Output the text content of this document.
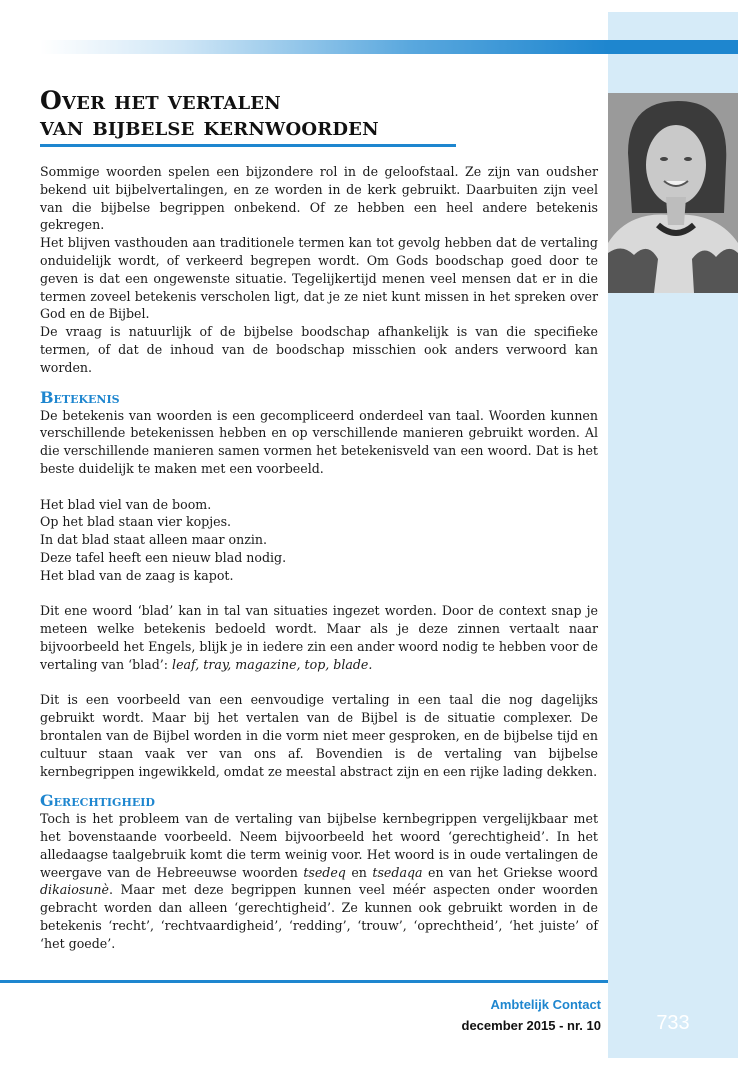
Over het vertalen
van bijbelse kernwoorden

Sommige woorden spelen een bijzondere rol in de geloofstaal. Ze zijn van oudsher bekend uit bijbelvertalingen, en ze worden in de kerk gebruikt. Daarbuiten zijn veel van die bijbelse begrippen onbekend. Of ze hebben een heel andere betekenis gekregen.

Het blijven vasthouden aan traditionele termen kan tot gevolg hebben dat de vertaling onduidelijk wordt, of verkeerd begrepen wordt. Om Gods boodschap goed door te geven is dat een ongewenste situatie. Tegelijkertijd menen veel mensen dat er in die termen zoveel betekenis verscholen ligt, dat je ze niet kunt missen in het spreken over God en de Bijbel.

De vraag is natuurlijk of de bijbelse boodschap afhankelijk is van die specifieke termen, of dat de inhoud van de boodschap misschien ook anders verwoord kan worden.

Betekenis

De betekenis van woorden is een gecompliceerd onderdeel van taal. Woorden kunnen verschillende betekenissen hebben en op verschillende manieren gebruikt worden. Al die verschillende manieren samen vormen het betekenisveld van een woord. Dat is het beste duidelijk te maken met een voorbeeld.

Het blad viel van de boom.

Op het blad staan vier kopjes.

In dat blad staat alleen maar onzin.

Deze tafel heeft een nieuw blad nodig.

Het blad van de zaag is kapot.

Dit ene woord ‘blad’ kan in tal van situaties ingezet worden. Door de context snap je meteen welke betekenis bedoeld wordt. Maar als je deze zinnen vertaalt naar bijvoorbeeld het Engels, blijk je in iedere zin een ander woord nodig te hebben voor de vertaling van ‘blad’: leaf, tray, magazine, top, blade.

Dit is een voorbeeld van een eenvoudige vertaling in een taal die nog dagelijks gebruikt wordt. Maar bij het vertalen van de Bijbel is de situatie complexer. De brontalen van de Bijbel worden in die vorm niet meer gesproken, en de bijbelse tijd en cultuur staan vaak ver van ons af. Bovendien is de vertaling van bijbelse kernbegrippen ingewikkeld, omdat ze meestal abstract zijn en een rijke lading dekken.

Gerechtigheid

Toch is het probleem van de vertaling van bijbelse kernbegrippen vergelijkbaar met het bovenstaande voorbeeld. Neem bijvoorbeeld het woord ‘gerechtigheid’. In het alledaagse taalgebruik komt die term weinig voor. Het woord is in oude vertalingen de weergave van de Hebreeuwse woorden tsedeq en tsedaqa en van het Griekse woord dikaiosunè. Maar met deze begrippen kunnen veel méér aspecten onder woorden gebracht worden dan alleen ‘gerechtigheid’. Ze kunnen ook gebruikt worden in de betekenis ‘recht’, ‘rechtvaardigheid’, ‘redding’, ‘trouw’, ‘oprechtheid’, ‘het juiste’ of ‘het goede’.

Ambtelijk Contact
december 2015 - nr. 10	733
